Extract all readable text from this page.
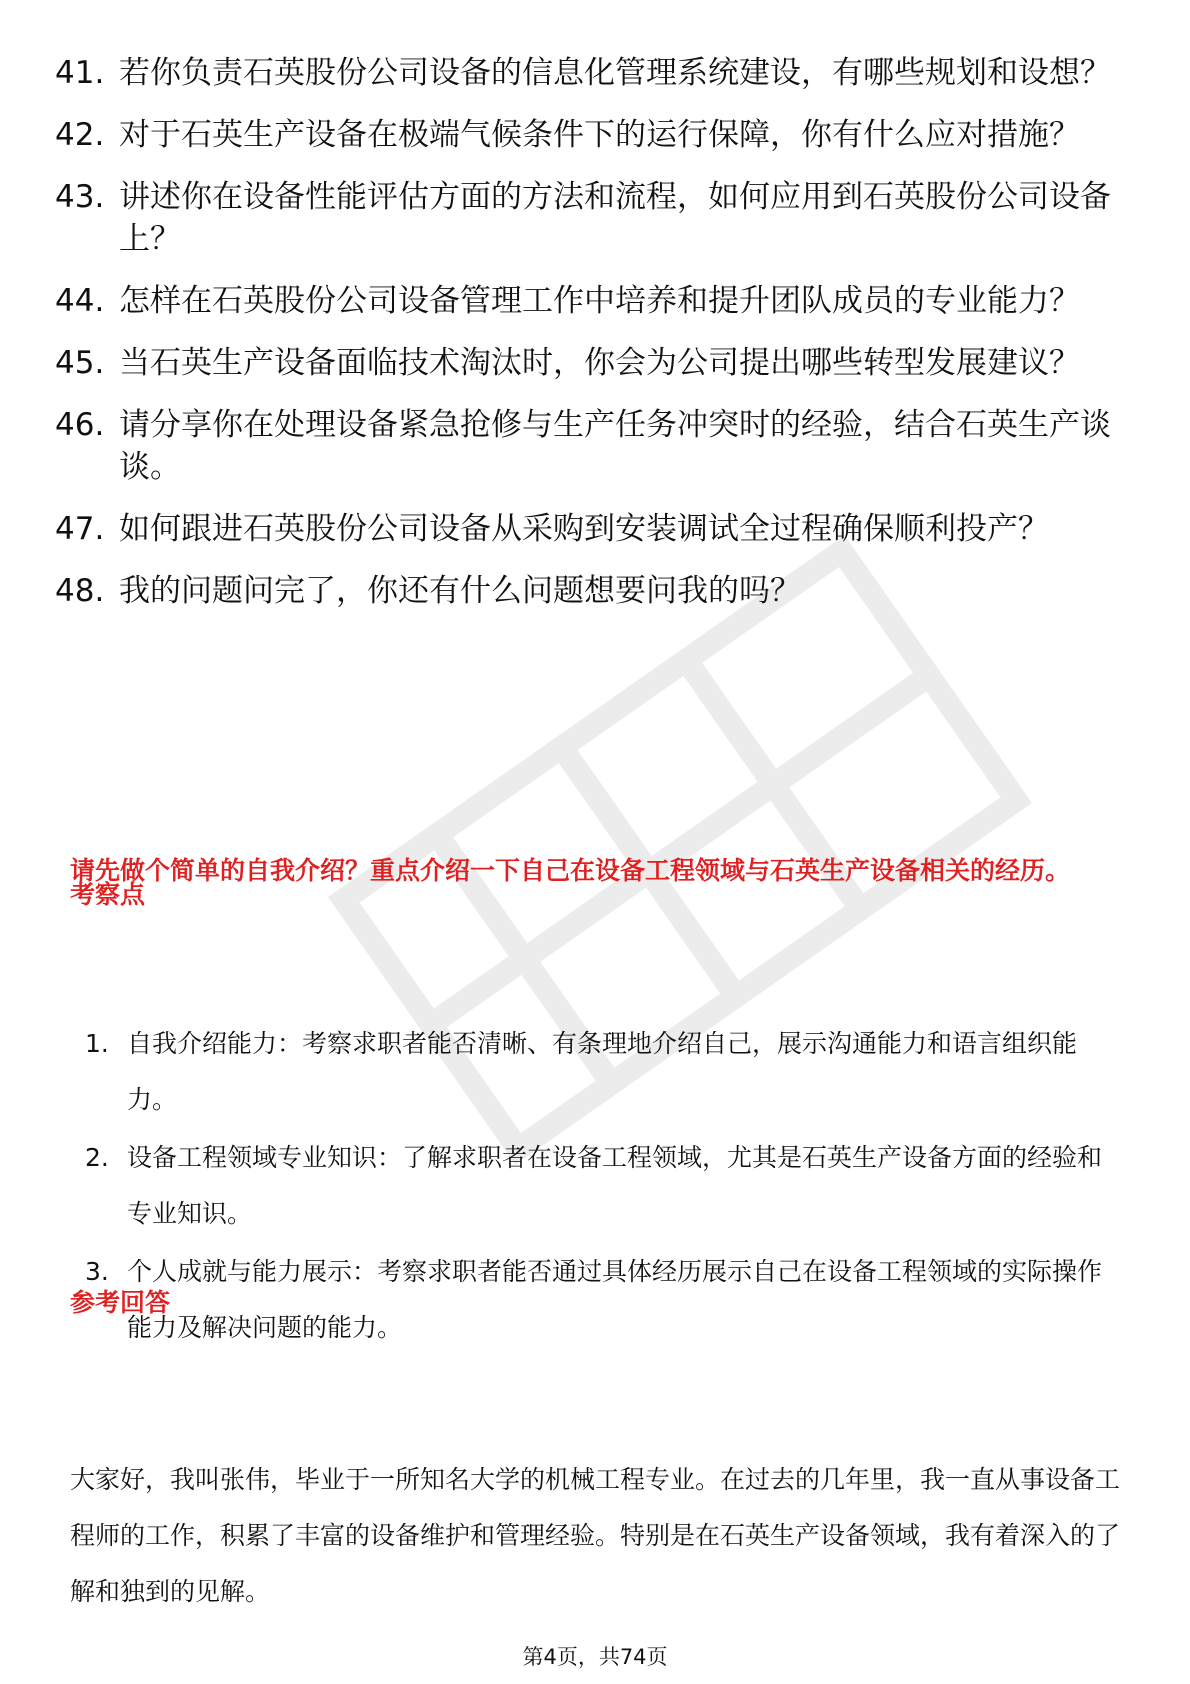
41. 若你负责石英股份公司设备的信息化管理系统建设，有哪些规划和设想？
42. 对于石英生产设备在极端气候条件下的运行保障，你有什么应对措施？
43. 讲述你在设备性能评估方面的方法和流程，如何应用到石英股份公司设备上？
44. 怎样在石英股份公司设备管理工作中培养和提升团队成员的专业能力？
45. 当石英生产设备面临技术淘汰时，你会为公司提出哪些转型发展建议？
46. 请分享你在处理设备紧急抢修与生产任务冲突时的经验，结合石英生产谈谈。
47. 如何跟进石英股份公司设备从采购到安装调试全过程确保顺利投产？
48. 我的问题问完了，你还有什么问题想要问我的吗？

请先做个简单的自我介绍？重点介绍一下自己在设备工程领域与石英生产设备相关的经历。

考察点

1. 自我介绍能力：考察求职者能否清晰、有条理地介绍自己，展示沟通能力和语言组织能力。
2. 设备工程领域专业知识：了解求职者在设备工程领域，尤其是石英生产设备方面的经验和专业知识。
3. 个人成就与能力展示：考察求职者能否通过具体经历展示自己在设备工程领域的实际操作能力及解决问题的能力。

参考回答

大家好，我叫张伟，毕业于一所知名大学的机械工程专业。在过去的几年里，我一直从事设备工程师的工作，积累了丰富的设备维护和管理经验。特别是在石英生产设备领域，我有着深入的了解和独到的见解。

第4页，共74页
